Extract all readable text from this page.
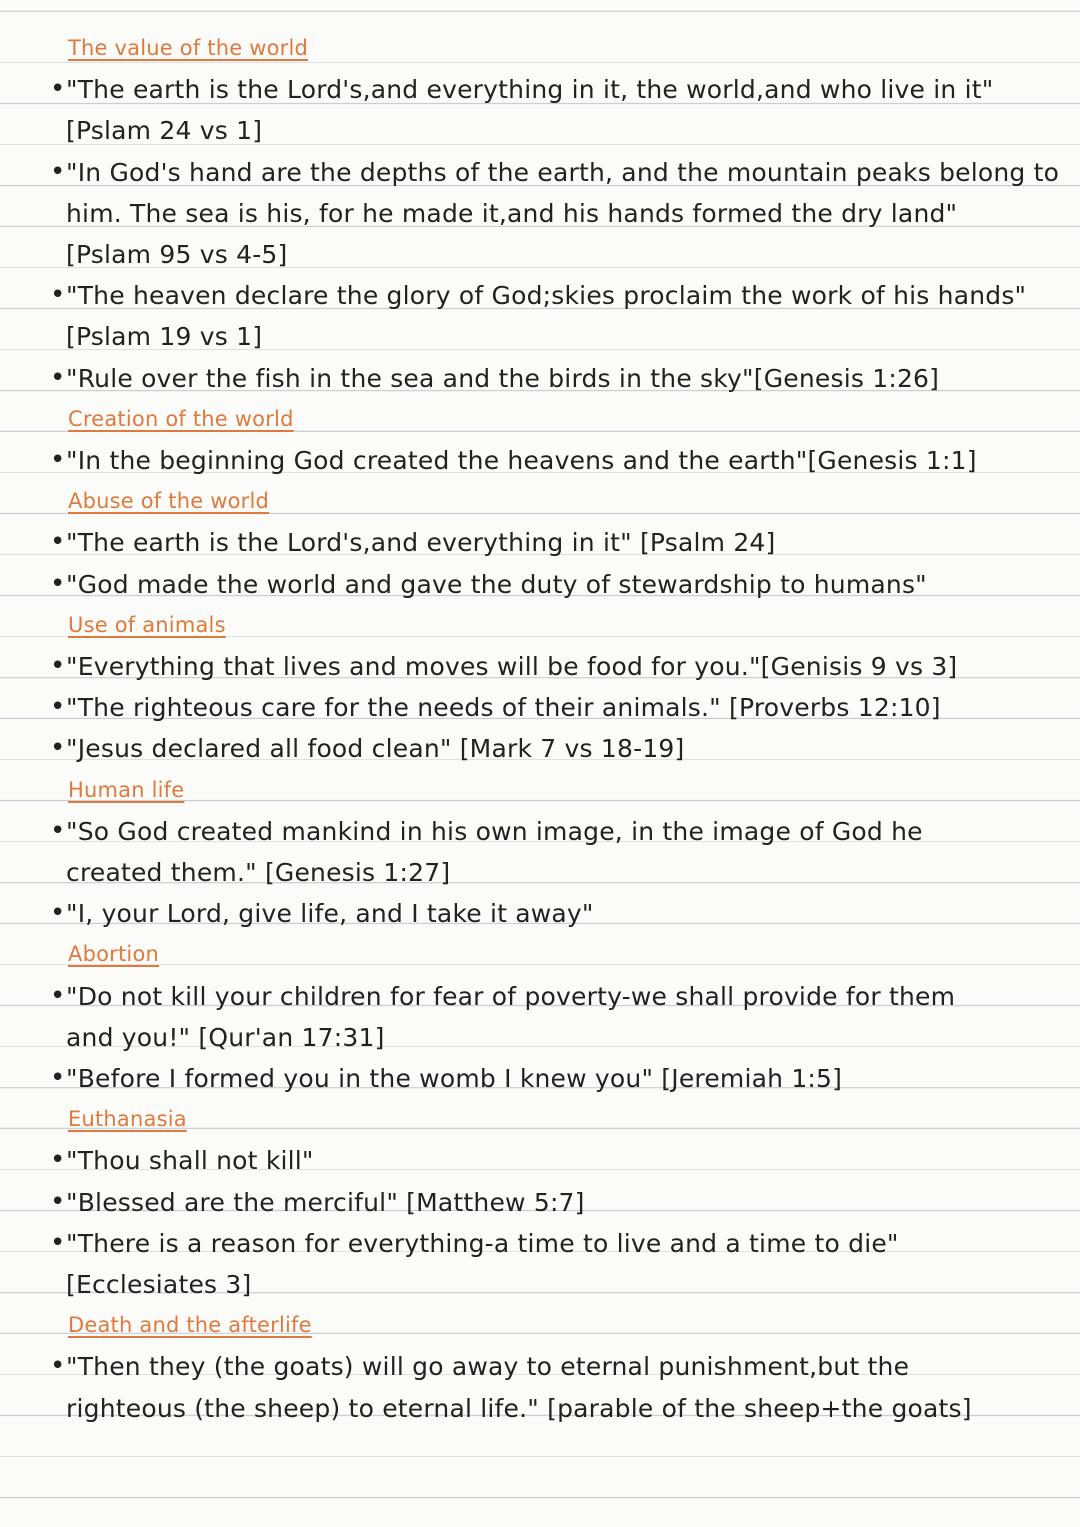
The value of the world
• "The earth is the Lord's,and everything in it, the world,and who live in it"
[Pslam 24 vs 1]
• "In God's hand are the depths of the earth, and the mountain peaks belong to
him. The sea is his, for he made it,and his hands formed the dry land"
[Pslam 95 vs 4-5]
• "The heaven declare the glory of God;skies proclaim the work of his hands"
[Pslam 19 vs 1]
• "Rule over the fish in the sea and the birds in the sky"[Genesis 1:26]
Creation of the world
• "In the beginning God created the heavens and the earth"[Genesis 1:1]
Abuse of the world
• "The earth is the Lord's,and everything in it" [Psalm 24]
• "God made the world and gave the duty of stewardship to humans"
Use of animals
• "Everything that lives and moves will be food for you."[Genisis 9 vs 3]
• "The righteous care for the needs of their animals." [Proverbs 12:10]
• "Jesus declared all food clean" [Mark 7 vs 18-19]
Human life
• "So God created mankind in his own image, in the image of God he
created them." [Genesis 1:27]
• "I, your Lord, give life, and I take it away"
Abortion
• "Do not kill your children for fear of poverty-we shall provide for them
and you!" [Qur'an 17:31]
• "Before I formed you in the womb I knew you" [Jeremiah 1:5]
Euthanasia
• "Thou shall not kill"
• "Blessed are the merciful" [Matthew 5:7]
• "There is a reason for everything-a time to live and a time to die"
[Ecclesiates 3]
Death and the afterlife
• "Then they (the goats) will go away to eternal punishment,but the
righteous (the sheep) to eternal life." [parable of the sheep+the goats]
